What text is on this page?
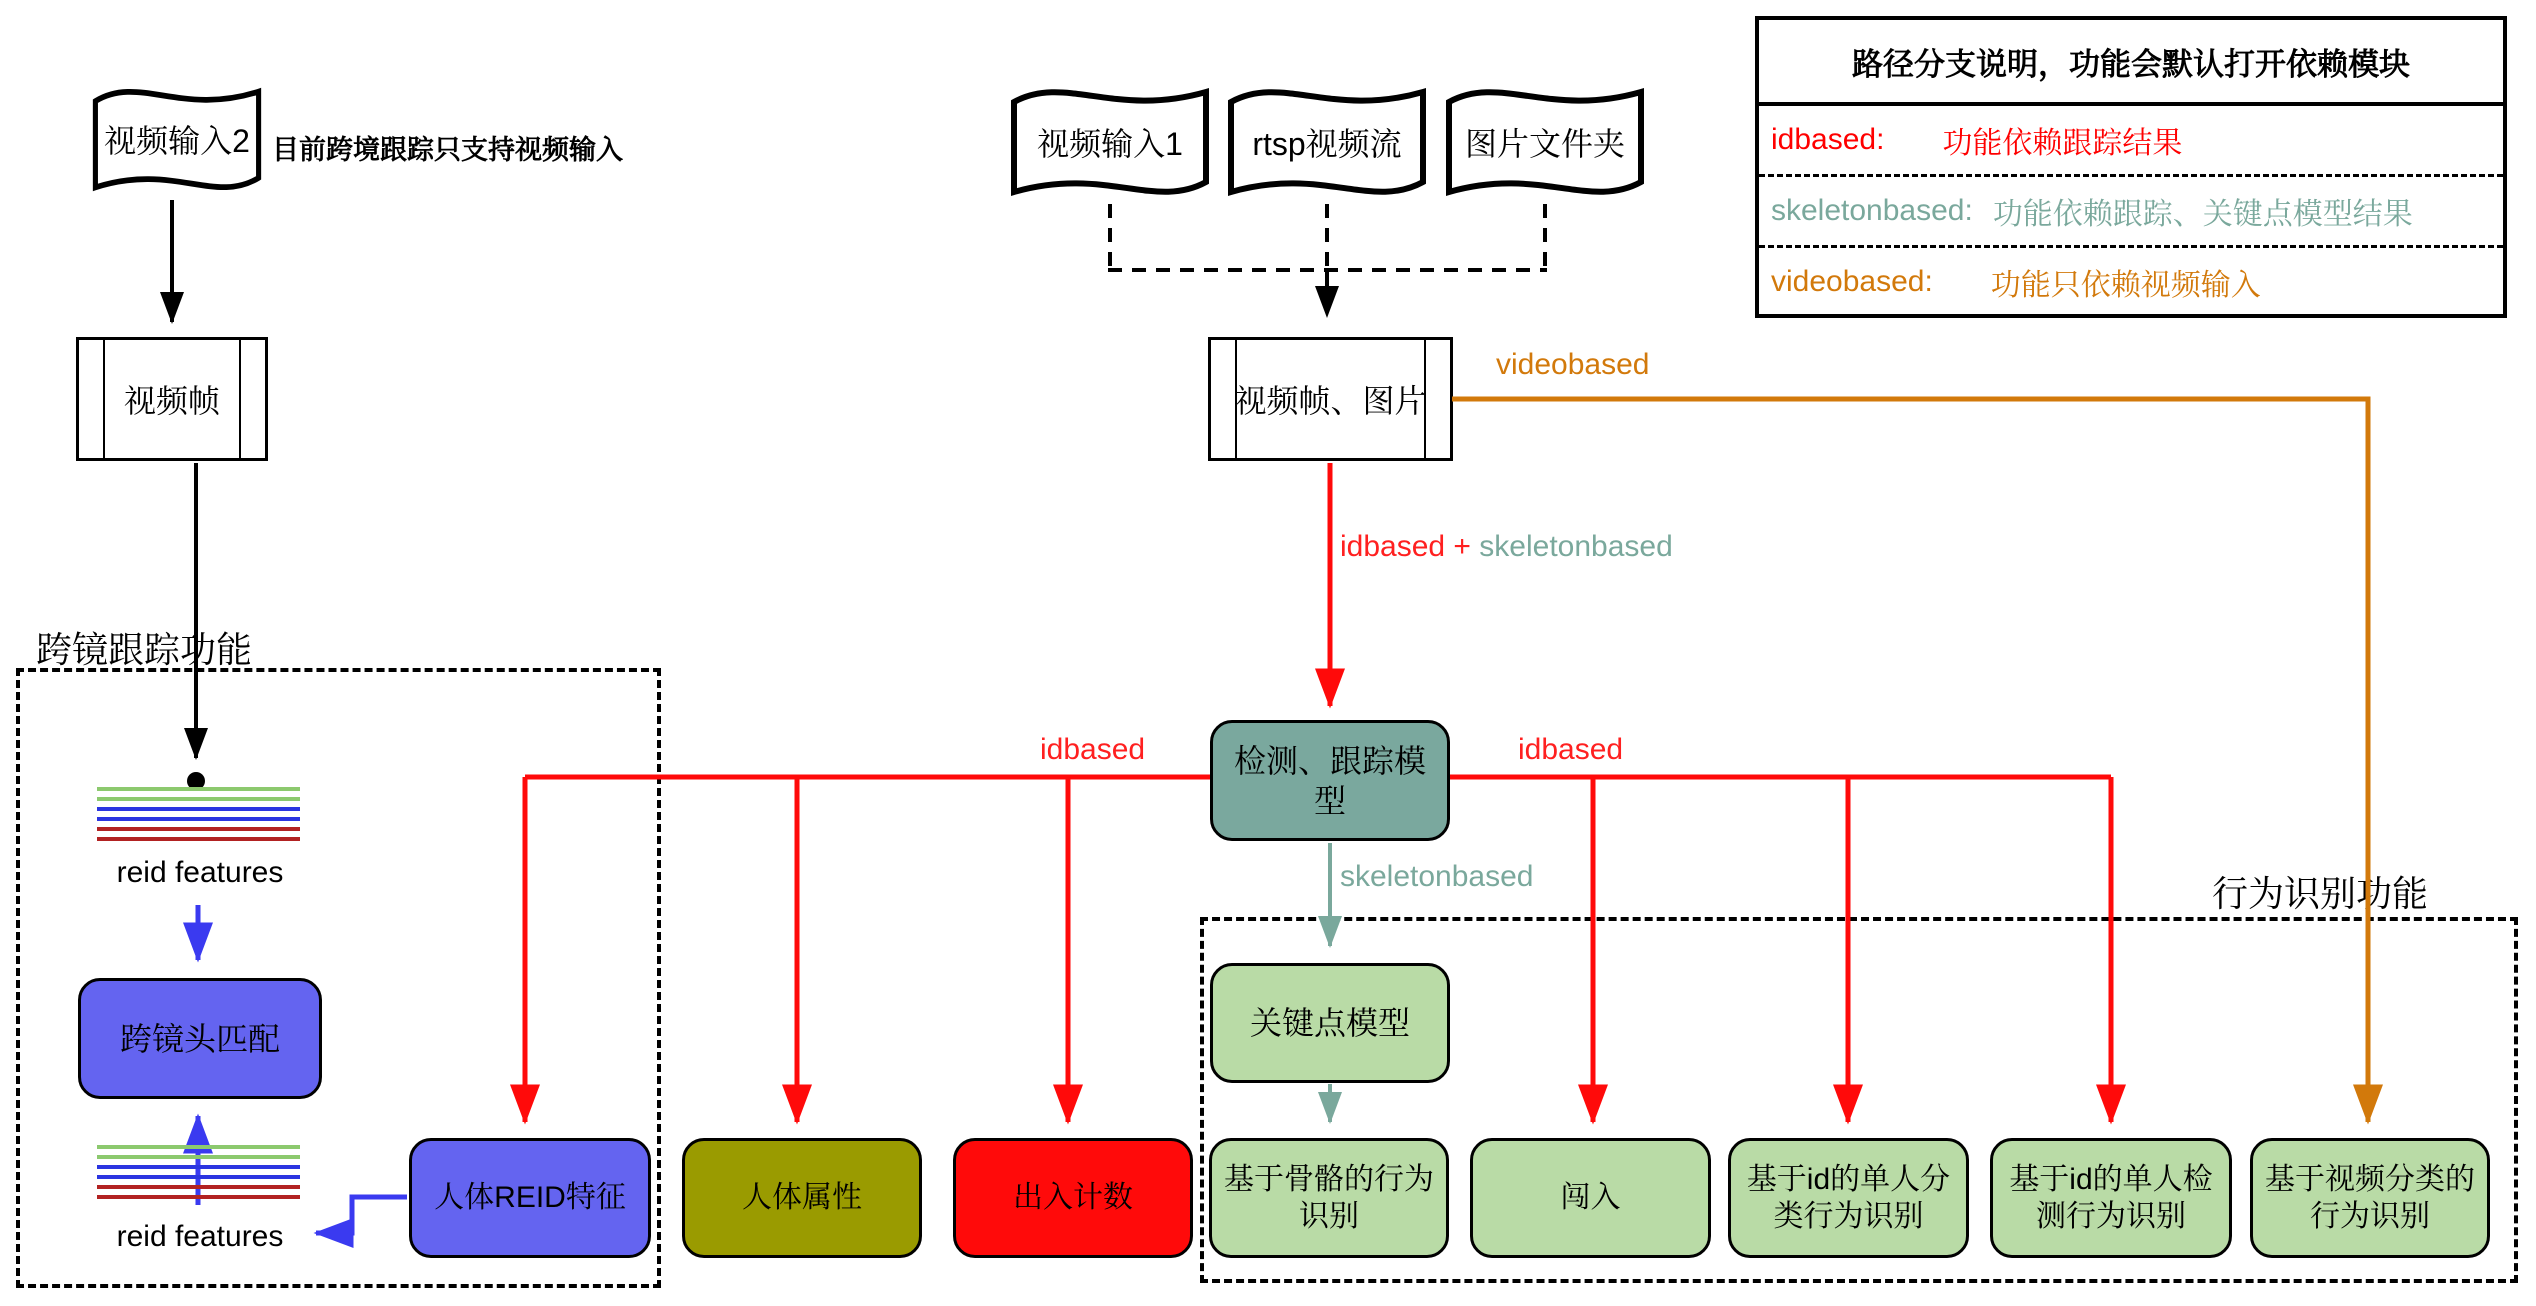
跨镜跟踪功能
行为识别功能
视频输入2	视频输入1	rtsp视频流	图片文件夹
目前跨境跟踪只支持视频输入
视频帧	视频帧、图片
检测、跟踪模型
关键点模型
跨镜头匹配
人体REID特征	人体属性	出入计数
基于骨骼的行为识别
闯入
基于id的单人分类行为识别
基于id的单人检测行为识别
基于视频分类的行为识别
reid features
reid features
videobased
idbased + skeletonbased
idbased	idbased
skeletonbased
路径分支说明，功能会默认打开依赖模块
idbased: 功能依赖跟踪结果
skeletonbased: 功能依赖跟踪、关键点模型结果
videobased: 功能只依赖视频输入
